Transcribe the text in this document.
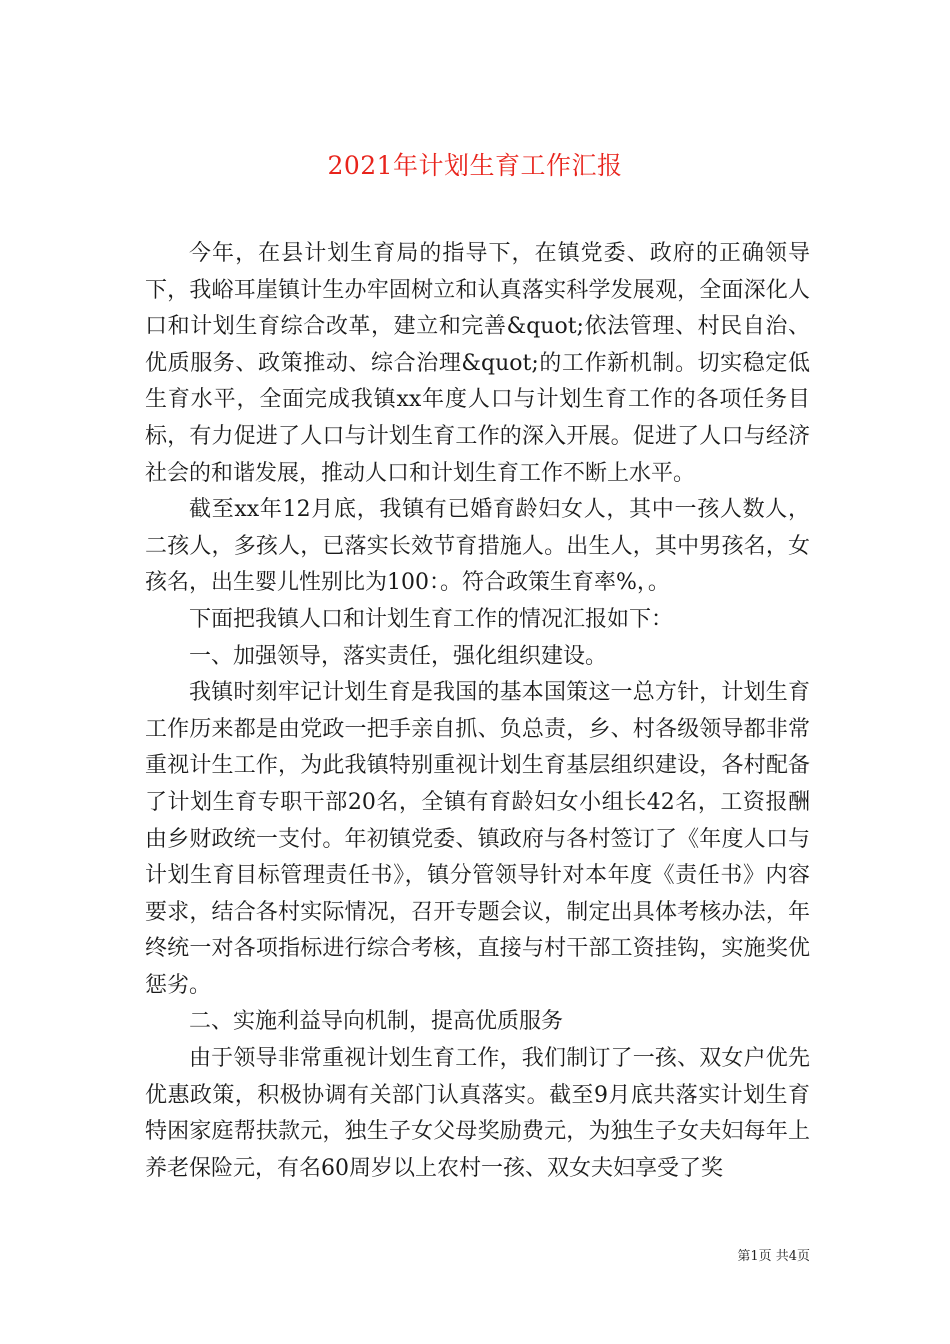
2021年计划生育工作汇报

今年，在县计划生育局的指导下，在镇党委、政府的正确领导下，我峪耳崖镇计生办牢固树立和认真落实科学发展观，全面深化人口和计划生育综合改革，建立和完善&quot;依法管理、村民自治、优质服务、政策推动、综合治理&quot;的工作新机制。切实稳定低生育水平，全面完成我镇xx年度人口与计划生育工作的各项任务目标，有力促进了人口与计划生育工作的深入开展。促进了人口与经济社会的和谐发展，推动人口和计划生育工作不断上水平。

截至xx年12月底，我镇有已婚育龄妇女人，其中一孩人数人，二孩人，多孩人，已落实长效节育措施人。出生人，其中男孩名，女孩名，出生婴儿性别比为100：。符合政策生育率%，。

下面把我镇人口和计划生育工作的情况汇报如下：

一、加强领导，落实责任，强化组织建设。

我镇时刻牢记计划生育是我国的基本国策这一总方针，计划生育工作历来都是由党政一把手亲自抓、负总责，乡、村各级领导都非常重视计生工作，为此我镇特别重视计划生育基层组织建设，各村配备了计划生育专职干部20名，全镇有育龄妇女小组长42名，工资报酬由乡财政统一支付。年初镇党委、镇政府与各村签订了《年度人口与计划生育目标管理责任书》，镇分管领导针对本年度《责任书》内容要求，结合各村实际情况，召开专题会议，制定出具体考核办法，年终统一对各项指标进行综合考核，直接与村干部工资挂钩，实施奖优惩劣。

二、实施利益导向机制，提高优质服务

由于领导非常重视计划生育工作，我们制订了一孩、双女户优先优惠政策，积极协调有关部门认真落实。截至9月底共落实计划生育特困家庭帮扶款元，独生子女父母奖励费元，为独生子女夫妇每年上养老保险元，有名60周岁以上农村一孩、双女夫妇享受了奖

第1页 共4页
